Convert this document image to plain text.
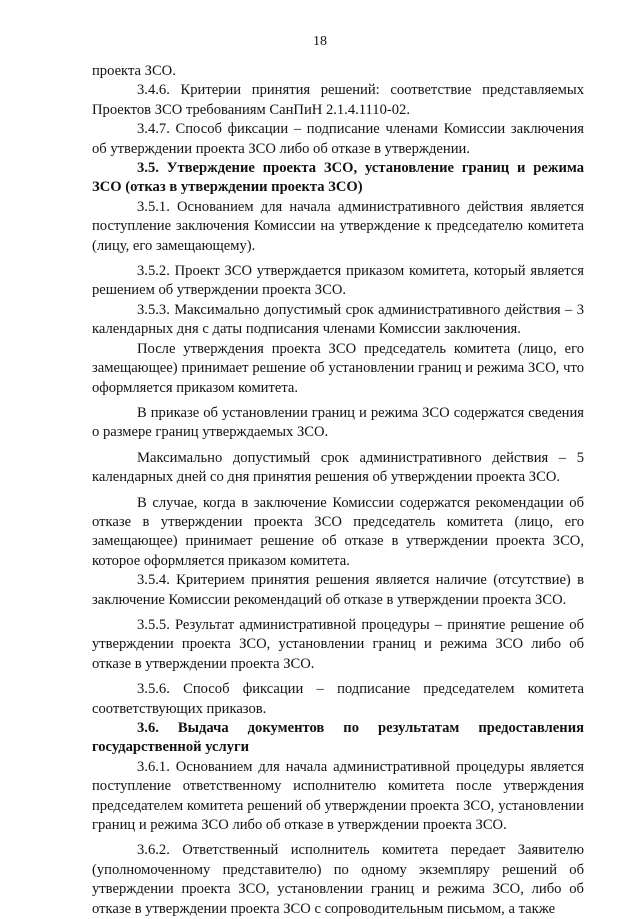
18

проекта ЗСО.

3.4.6. Критерии принятия решений: соответствие представляемых Проектов ЗСО требованиям СанПиН 2.1.4.1110-02.

3.4.7. Способ фиксации – подписание членами Комиссии заключения об утверждении проекта ЗСО либо об отказе в утверждении.

3.5. Утверждение проекта ЗСО, установление границ и режима ЗСО (отказ в утверждении проекта ЗСО)

3.5.1. Основанием для начала административного действия является поступление заключения Комиссии на утверждение к председателю комитета (лицу, его замещающему).

3.5.2. Проект ЗСО утверждается приказом комитета, который является решением об утверждении проекта ЗСО.

3.5.3. Максимально допустимый срок административного действия – 3 календарных дня с даты подписания членами Комиссии заключения.

После утверждения проекта ЗСО председатель комитета (лицо, его замещающее) принимает решение об установлении границ и режима ЗСО, что оформляется приказом комитета.

В приказе об установлении границ и режима ЗСО содержатся сведения о размере границ утверждаемых ЗСО.

Максимально допустимый срок административного действия – 5 календарных дней со дня принятия решения об утверждении проекта ЗСО.

В случае, когда в заключение Комиссии содержатся рекомендации об отказе в утверждении проекта ЗСО председатель комитета (лицо, его замещающее) принимает решение об отказе в утверждении проекта ЗСО, которое оформляется приказом комитета.

3.5.4. Критерием принятия решения является наличие (отсутствие) в заключение Комиссии рекомендаций об отказе в утверждении проекта ЗСО.

3.5.5. Результат административной процедуры – принятие решение об утверждении проекта ЗСО, установлении границ и режима ЗСО либо об отказе в утверждении проекта ЗСО.

3.5.6. Способ фиксации – подписание председателем комитета соответствующих приказов.

3.6. Выдача документов по результатам предоставления государственной услуги

3.6.1. Основанием для начала административной процедуры является поступление ответственному исполнителю комитета после утверждения председателем комитета решений об утверждении проекта ЗСО, установлении границ и режима ЗСО либо об отказе в утверждении проекта ЗСО.

3.6.2. Ответственный исполнитель комитета передает Заявителю (уполномоченному представителю) по одному экземпляру решений об утверждении проекта ЗСО, установлении границ и режима ЗСО, либо об отказе в утверждении проекта ЗСО с сопроводительным письмом, а также
